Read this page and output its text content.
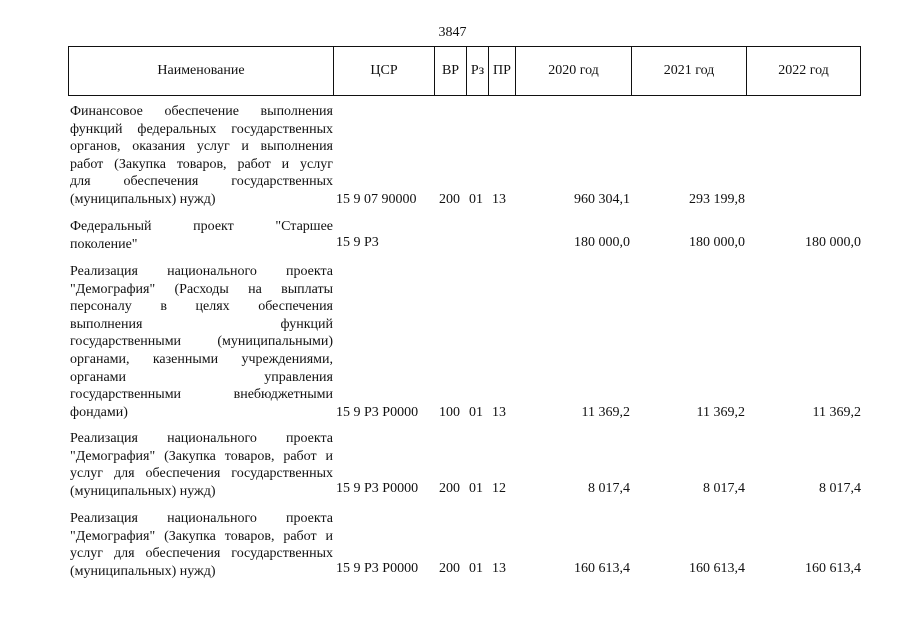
3847
Наименование	ЦСР	ВР Рз ПР	2020 год	2021 год	2022 год
Финансовое обеспечение выполнения
функций федеральных государственных
органов, оказания услуг и выполнения
работ (Закупка товаров, работ и услуг
для обеспечения государственных
(муниципальных) нужд)	15 9 07 90000 200 01 13	960 304,1	293 199,8
Федеральный проект "Старшее
поколение"	15 9 Р3	180 000,0	180 000,0	180 000,0
Реализация национального проекта
"Демография" (Расходы на выплаты
персоналу в целях обеспечения
выполнения функций
государственными (муниципальными)
органами, казенными учреждениями,
органами управления
государственными внебюджетными
фондами)	15 9 Р3 Р0000 100 01 13	11 369,2	11 369,2	11 369,2
Реализация национального проекта
"Демография" (Закупка товаров, работ и
услуг для обеспечения государственных
(муниципальных) нужд)	15 9 Р3 Р0000 200 01 12	8 017,4	8 017,4	8 017,4
Реализация национального проекта
"Демография" (Закупка товаров, работ и
услуг для обеспечения государственных
(муниципальных) нужд)	15 9 Р3 Р0000 200 01 13	160 613,4	160 613,4	160 613,4
